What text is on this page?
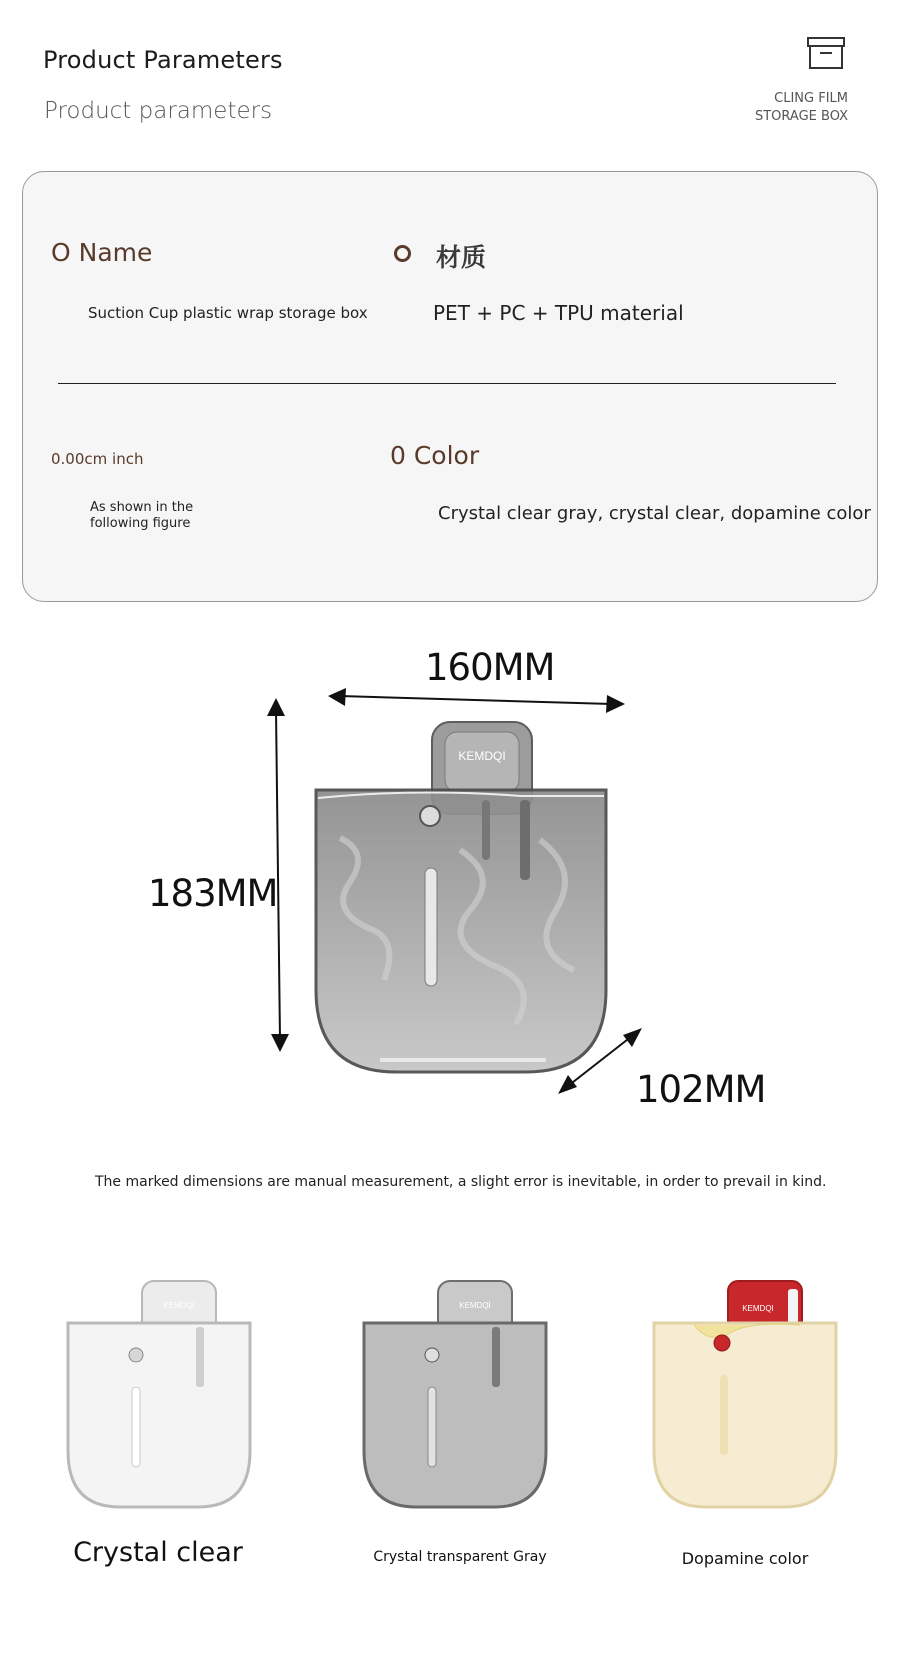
Product Parameters
Product parameters	CLING FILM
STORAGE BOX
O Name	材质
Suction Cup plastic wrap storage box	PET + PC + TPU material
0.00cm inch	0 Color
As shown in the following figure	Crystal clear gray, crystal clear, dopamine color
KEMDQI
160MM
183MM
102MM
The marked dimensions are manual measurement, a slight error is inevitable, in order to prevail in kind.
KEMDQI	KEMDQI	KEMDQI
Crystal clear	Crystal transparent Gray	Dopamine color
